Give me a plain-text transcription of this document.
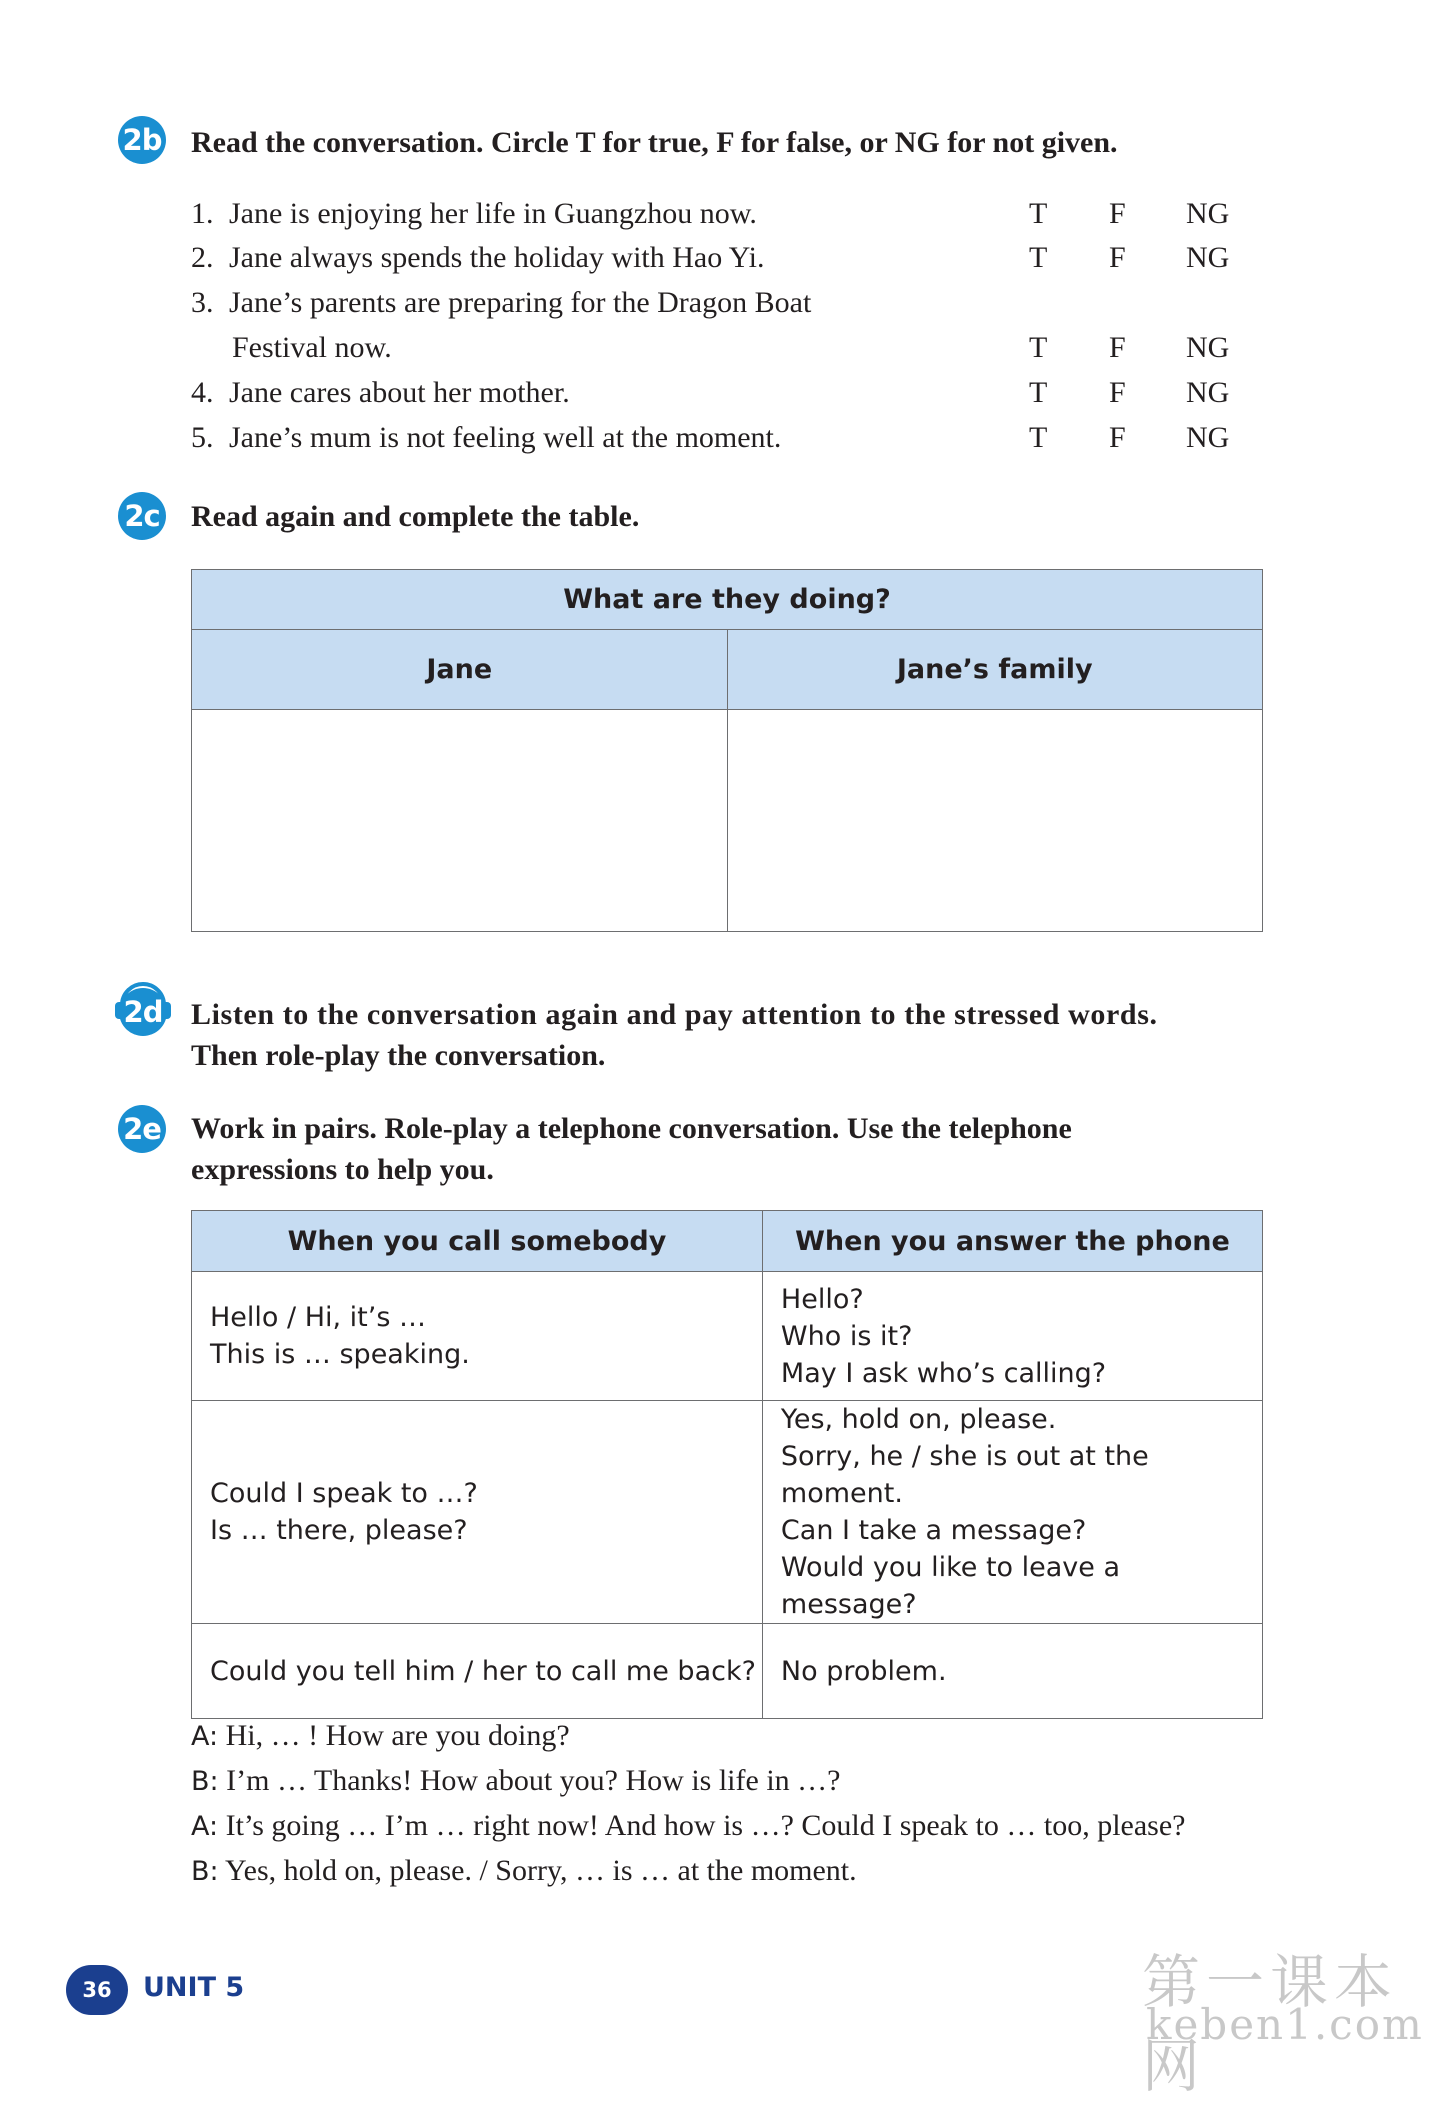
2b Read the conversation. Circle T for true, F for false, or NG for not given.
1. Jane is enjoying her life in Guangzhou now.	T F NG
2. Jane always spends the holiday with Hao Yi.	T F NG
3. Jane’s parents are preparing for the Dragon Boat
Festival now.	T F NG
4. Jane cares about her mother.	T F NG
5. Jane’s mum is not feeling well at the moment.	T F NG
2c Read again and complete the table.
What are they doing?	
Jane	Jane’s family

2d Listen to the conversation again and pay attention to the stressed words.
Then role-play the conversation.
2e Work in pairs. Role-play a telephone conversation. Use the telephone
expressions to help you.
When you call somebody	When you answer the phone

Hello / Hi, it’s …
This is … speaking.	Hello?
Who is it?
May I ask who’s calling?

Could I speak to …?
Is … there, please?	Yes, hold on, please.
Sorry, he / she is out at the moment.
Can I take a message?
Would you like to leave a message?

Could you tell him / her to call me back?	No problem.
A: Hi, … ! How are you doing?
B: I’m … Thanks! How about you? How is life in …?
A: It’s going … I’m … right now! And how is …? Could I speak to … too, please?
B: Yes, hold on, please. / Sorry, … is … at the moment.
36	UNIT 5	第一课本网
keben1.com
